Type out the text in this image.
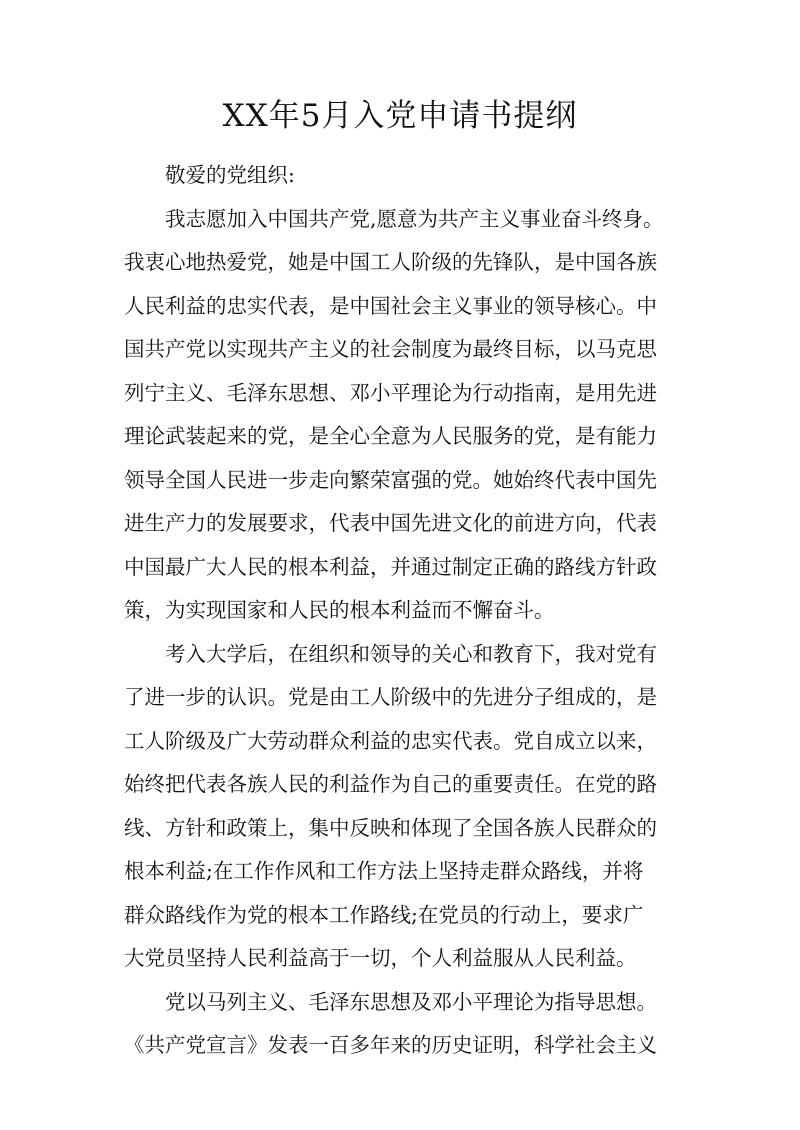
XX年5月入党申请书提纲

敬爱的党组织:

我志愿加入中国共产党,愿意为共产主义事业奋斗终身。
我衷心地热爱党，她是中国工人阶级的先锋队，是中国各族
人民利益的忠实代表，是中国社会主义事业的领导核心。中
国共产党以实现共产主义的社会制度为最终目标，以马克思
列宁主义、毛泽东思想、邓小平理论为行动指南，是用先进
理论武装起来的党，是全心全意为人民服务的党，是有能力
领导全国人民进一步走向繁荣富强的党。她始终代表中国先
进生产力的发展要求，代表中国先进文化的前进方向，代表
中国最广大人民的根本利益，并通过制定正确的路线方针政
策，为实现国家和人民的根本利益而不懈奋斗。

考入大学后，在组织和领导的关心和教育下，我对党有
了进一步的认识。党是由工人阶级中的先进分子组成的，是
工人阶级及广大劳动群众利益的忠实代表。党自成立以来，
始终把代表各族人民的利益作为自己的重要责任。在党的路
线、方针和政策上，集中反映和体现了全国各族人民群众的
根本利益;在工作作风和工作方法上坚持走群众路线，并将
群众路线作为党的根本工作路线;在党员的行动上，要求广
大党员坚持人民利益高于一切，个人利益服从人民利益。

党以马列主义、毛泽东思想及邓小平理论为指导思想。
《共产党宣言》发表一百多年来的历史证明，科学社会主义
